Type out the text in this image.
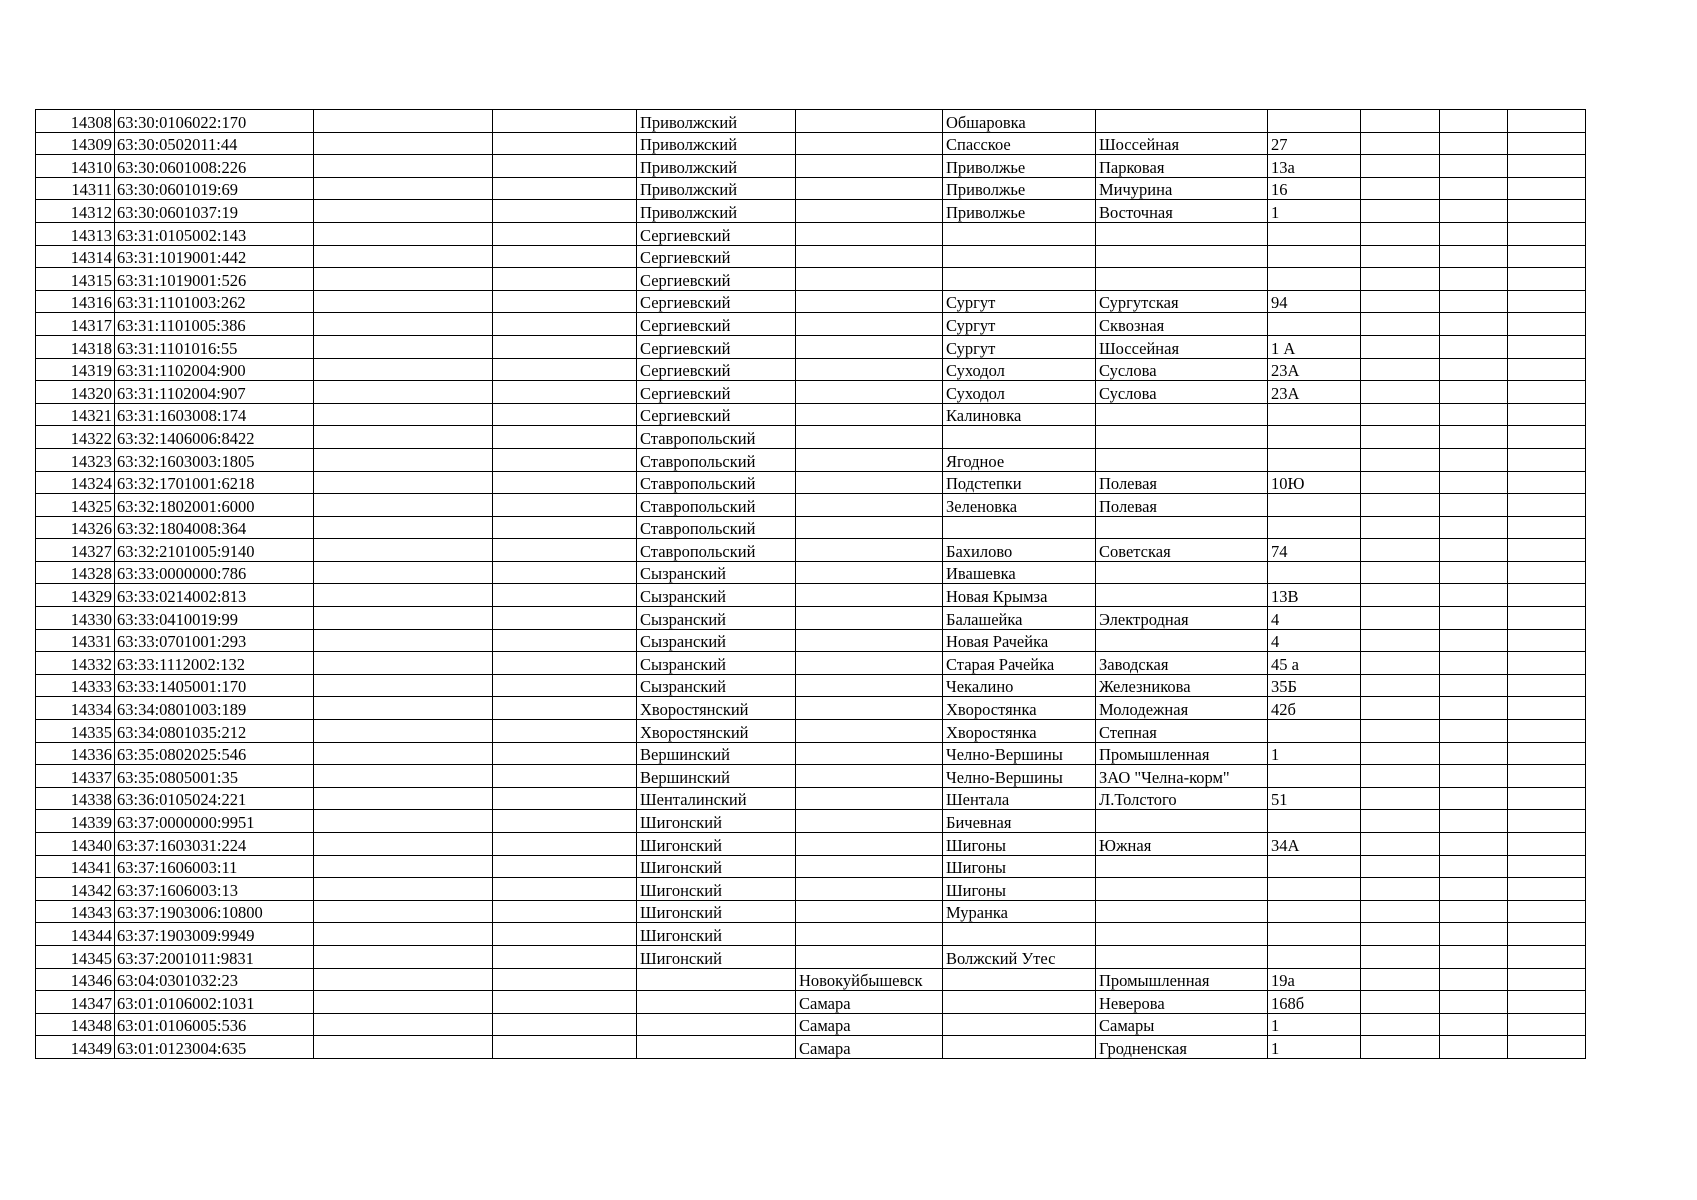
14308	63:30:0106022:170			Приволжский		Обшаровка					
14309	63:30:0502011:44			Приволжский		Спасское	Шоссейная	27			
14310	63:30:0601008:226			Приволжский		Приволжье	Парковая	13а			
14311	63:30:0601019:69			Приволжский		Приволжье	Мичурина	16			
14312	63:30:0601037:19			Приволжский		Приволжье	Восточная	1			
14313	63:31:0105002:143			Сергиевский							
14314	63:31:1019001:442			Сергиевский							
14315	63:31:1019001:526			Сергиевский							
14316	63:31:1101003:262			Сергиевский		Сургут	Сургутская	94			
14317	63:31:1101005:386			Сергиевский		Сургут	Сквозная				
14318	63:31:1101016:55			Сергиевский		Сургут	Шоссейная	1 А			
14319	63:31:1102004:900			Сергиевский		Суходол	Суслова	23А			
14320	63:31:1102004:907			Сергиевский		Суходол	Суслова	23А			
14321	63:31:1603008:174			Сергиевский		Калиновка					
14322	63:32:1406006:8422			Ставропольский							
14323	63:32:1603003:1805			Ставропольский		Ягодное					
14324	63:32:1701001:6218			Ставропольский		Подстепки	Полевая	10Ю			
14325	63:32:1802001:6000			Ставропольский		Зеленовка	Полевая				
14326	63:32:1804008:364			Ставропольский							
14327	63:32:2101005:9140			Ставропольский		Бахилово	Советская	74			
14328	63:33:0000000:786			Сызранский		Ивашевка					
14329	63:33:0214002:813			Сызранский		Новая Крымза		13В			
14330	63:33:0410019:99			Сызранский		Балашейка	Электродная	4			
14331	63:33:0701001:293			Сызранский		Новая Рачейка		4			
14332	63:33:1112002:132			Сызранский		Старая Рачейка	Заводская	45 а			
14333	63:33:1405001:170			Сызранский		Чекалино	Железникова	35Б			
14334	63:34:0801003:189			Хворостянский		Хворостянка	Молодежная	42б			
14335	63:34:0801035:212			Хворостянский		Хворостянка	Степная				
14336	63:35:0802025:546			Вершинский		Челно-Вершины	Промышленная	1			
14337	63:35:0805001:35			Вершинский		Челно-Вершины	ЗАО "Челна-корм"				
14338	63:36:0105024:221			Шенталинский		Шентала	Л.Толстого	51			
14339	63:37:0000000:9951			Шигонский		Бичевная					
14340	63:37:1603031:224			Шигонский		Шигоны	Южная	34А			
14341	63:37:1606003:11			Шигонский		Шигоны					
14342	63:37:1606003:13			Шигонский		Шигоны					
14343	63:37:1903006:10800			Шигонский		Муранка					
14344	63:37:1903009:9949			Шигонский							
14345	63:37:2001011:9831			Шигонский		Волжский Утес					
14346	63:04:0301032:23				Новокуйбышевск		Промышленная	19а			
14347	63:01:0106002:1031				Самара		Неверова	168б			
14348	63:01:0106005:536				Самара		Самары	1			
14349	63:01:0123004:635				Самара		Гродненская	1			
